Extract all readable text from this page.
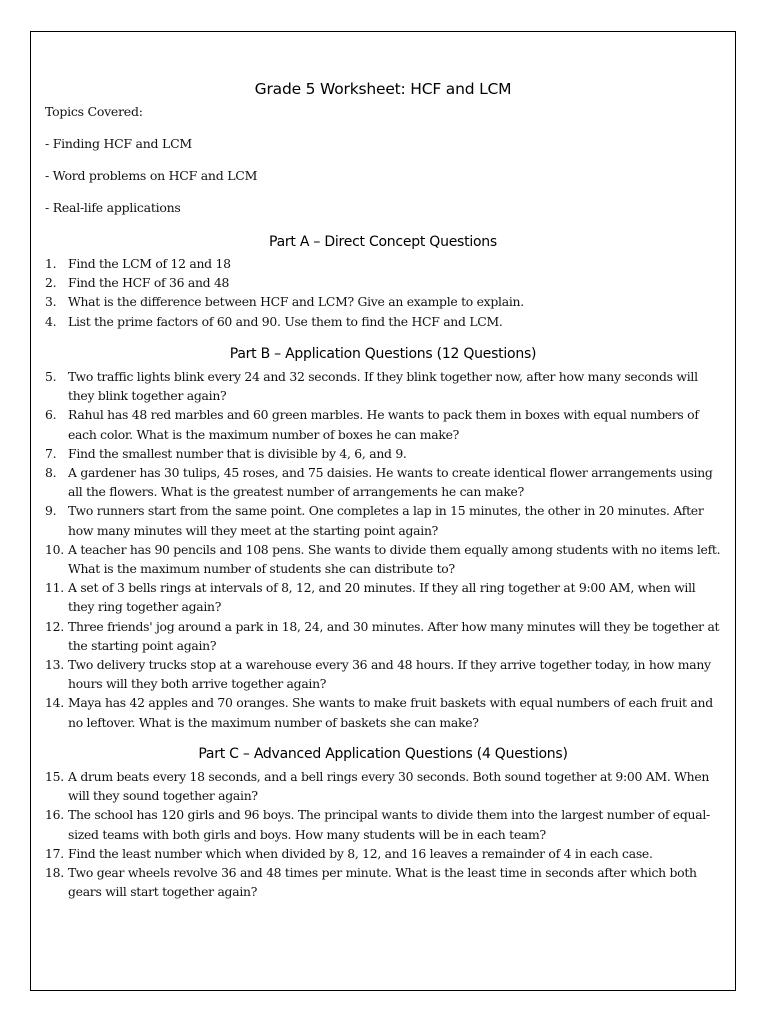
Grade 5 Worksheet: HCF and LCM
Topics Covered:
- Finding HCF and LCM
- Word problems on HCF and LCM
- Real-life applications
Part A – Direct Concept Questions
1. Find the LCM of 12 and 18
2. Find the HCF of 36 and 48
3. What is the difference between HCF and LCM? Give an example to explain.
4. List the prime factors of 60 and 90. Use them to find the HCF and LCM.
Part B – Application Questions (12 Questions)
5. Two traffic lights blink every 24 and 32 seconds. If they blink together now, after how many seconds will they blink together again?
6. Rahul has 48 red marbles and 60 green marbles. He wants to pack them in boxes with equal numbers of each color. What is the maximum number of boxes he can make?
7. Find the smallest number that is divisible by 4, 6, and 9.
8. A gardener has 30 tulips, 45 roses, and 75 daisies. He wants to create identical flower arrangements using all the flowers. What is the greatest number of arrangements he can make?
9. Two runners start from the same point. One completes a lap in 15 minutes, the other in 20 minutes. After how many minutes will they meet at the starting point again?
10. A teacher has 90 pencils and 108 pens. She wants to divide them equally among students with no items left. What is the maximum number of students she can distribute to?
11. A set of 3 bells rings at intervals of 8, 12, and 20 minutes. If they all ring together at 9:00 AM, when will they ring together again?
12. Three friends' jog around a park in 18, 24, and 30 minutes. After how many minutes will they be together at the starting point again?
13. Two delivery trucks stop at a warehouse every 36 and 48 hours. If they arrive together today, in how many hours will they both arrive together again?
14. Maya has 42 apples and 70 oranges. She wants to make fruit baskets with equal numbers of each fruit and no leftover. What is the maximum number of baskets she can make?
Part C – Advanced Application Questions (4 Questions)
15. A drum beats every 18 seconds, and a bell rings every 30 seconds. Both sound together at 9:00 AM. When will they sound together again?
16. The school has 120 girls and 96 boys. The principal wants to divide them into the largest number of equal-sized teams with both girls and boys. How many students will be in each team?
17. Find the least number which when divided by 8, 12, and 16 leaves a remainder of 4 in each case.
18. Two gear wheels revolve 36 and 48 times per minute. What is the least time in seconds after which both gears will start together again?
